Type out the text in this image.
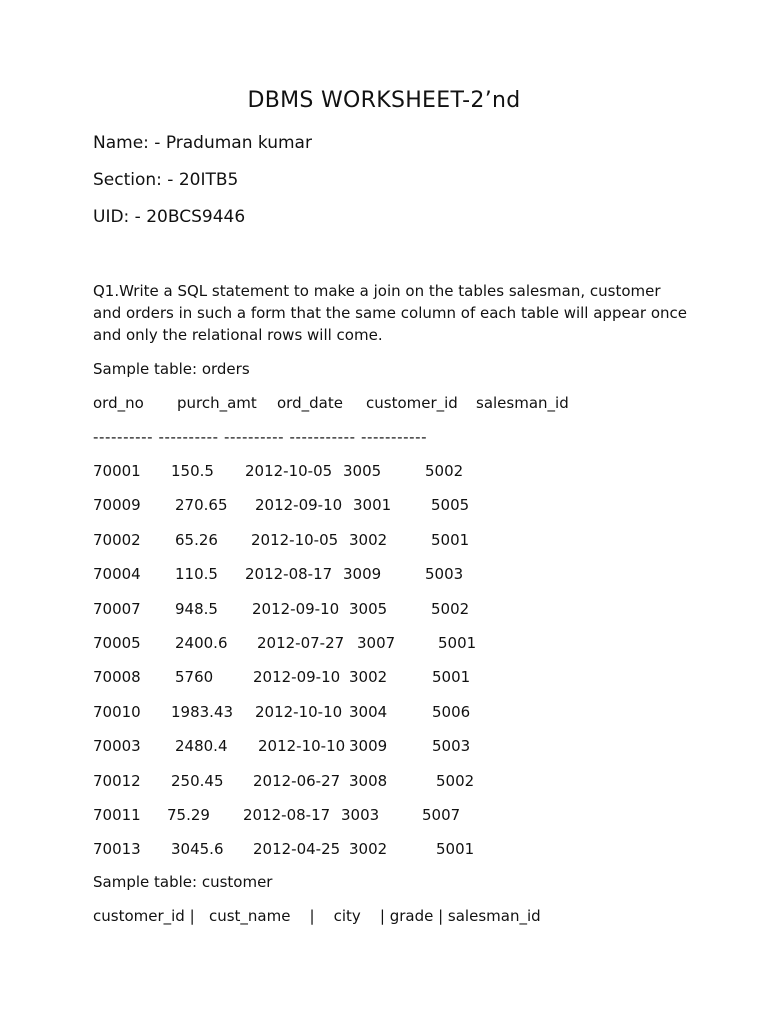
DBMS WORKSHEET-2’nd
Name: - Praduman kumar
Section: - 20ITB5
UID: - 20BCS9446
Q1.Write a SQL statement to make a join on the tables salesman, customer and orders in such a form that the same column of each table will appear once and only the relational rows will come.
Sample table: orders
ord_no purch_amt ord_date customer_id salesman_id
---------- ---------- ---------- ----------- -----------
70001 150.5 2012-10-05 3005	5002
70009 270.65 2012-09-10 3001	5005
70002 65.26 2012-10-05 3002	5001
70004 110.5 2012-08-17 3009	5003
70007 948.5 2012-09-10 3005	5002
70005 2400.6 2012-07-27 3007	5001
70008 5760	2012-09-10 3002	5001
70010 1983.43 2012-10-10 3004	5006
70003 2480.4 2012-10-10 3009	5003
70012 250.45 2012-06-27 3008	5002
70011 75.29 2012-08-17 3003	5007
70013 3045.6 2012-04-25 3002	5001
Sample table: customer
customer_id |   cust_name    |    city    | grade | salesman_id
